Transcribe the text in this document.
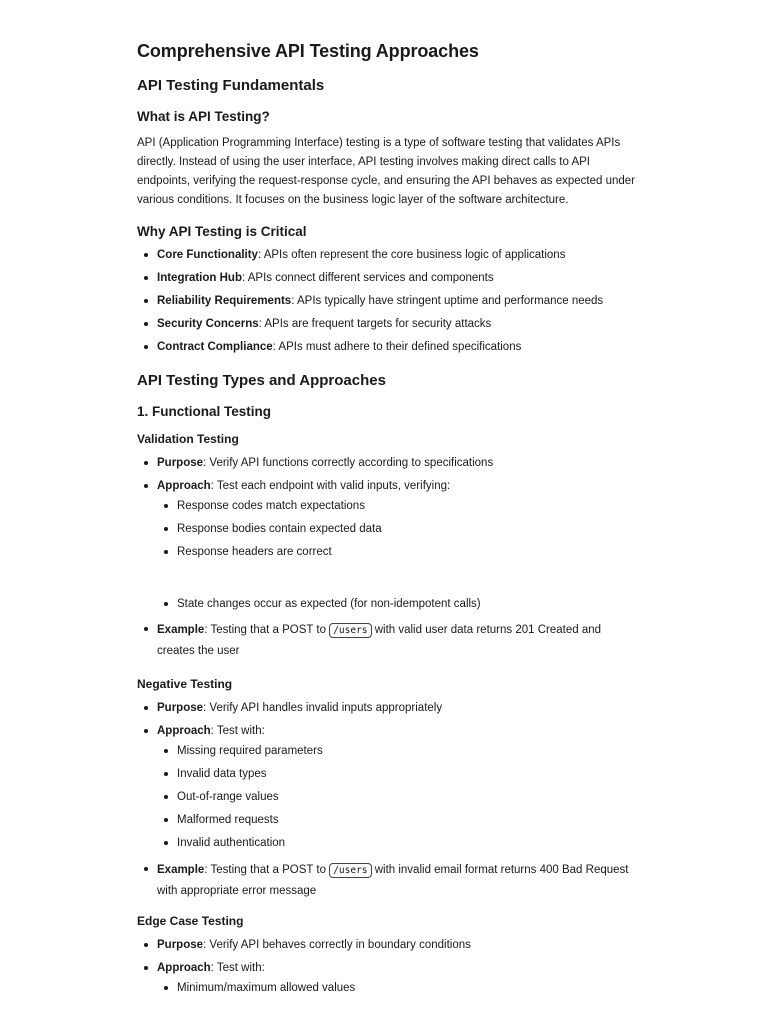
Comprehensive API Testing Approaches
API Testing Fundamentals
What is API Testing?

API (Application Programming Interface) testing is a type of software testing that validates APIs directly. Instead of using the user interface, API testing involves making direct calls to API endpoints, verifying the request-response cycle, and ensuring the API behaves as expected under various conditions. It focuses on the business logic layer of the software architecture.

Why API Testing is Critical
Core Functionality: APIs often represent the core business logic of applications
Integration Hub: APIs connect different services and components
Reliability Requirements: APIs typically have stringent uptime and performance needs
Security Concerns: APIs are frequent targets for security attacks
Contract Compliance: APIs must adhere to their defined specifications
API Testing Types and Approaches
1. Functional Testing
Validation Testing
Purpose: Verify API functions correctly according to specifications
Approach: Test each endpoint with valid inputs, verifying:
Response codes match expectations
Response bodies contain expected data
Response headers are correct
State changes occur as expected (for non-idempotent calls)
Example: Testing that a POST to /users with valid user data returns 201 Created and creates the user
Negative Testing
Purpose: Verify API handles invalid inputs appropriately
Approach: Test with:
Missing required parameters
Invalid data types
Out-of-range values
Malformed requests
Invalid authentication
Example: Testing that a POST to /users with invalid email format returns 400 Bad Request with appropriate error message
Edge Case Testing
Purpose: Verify API behaves correctly in boundary conditions
Approach: Test with:
Minimum/maximum allowed values
